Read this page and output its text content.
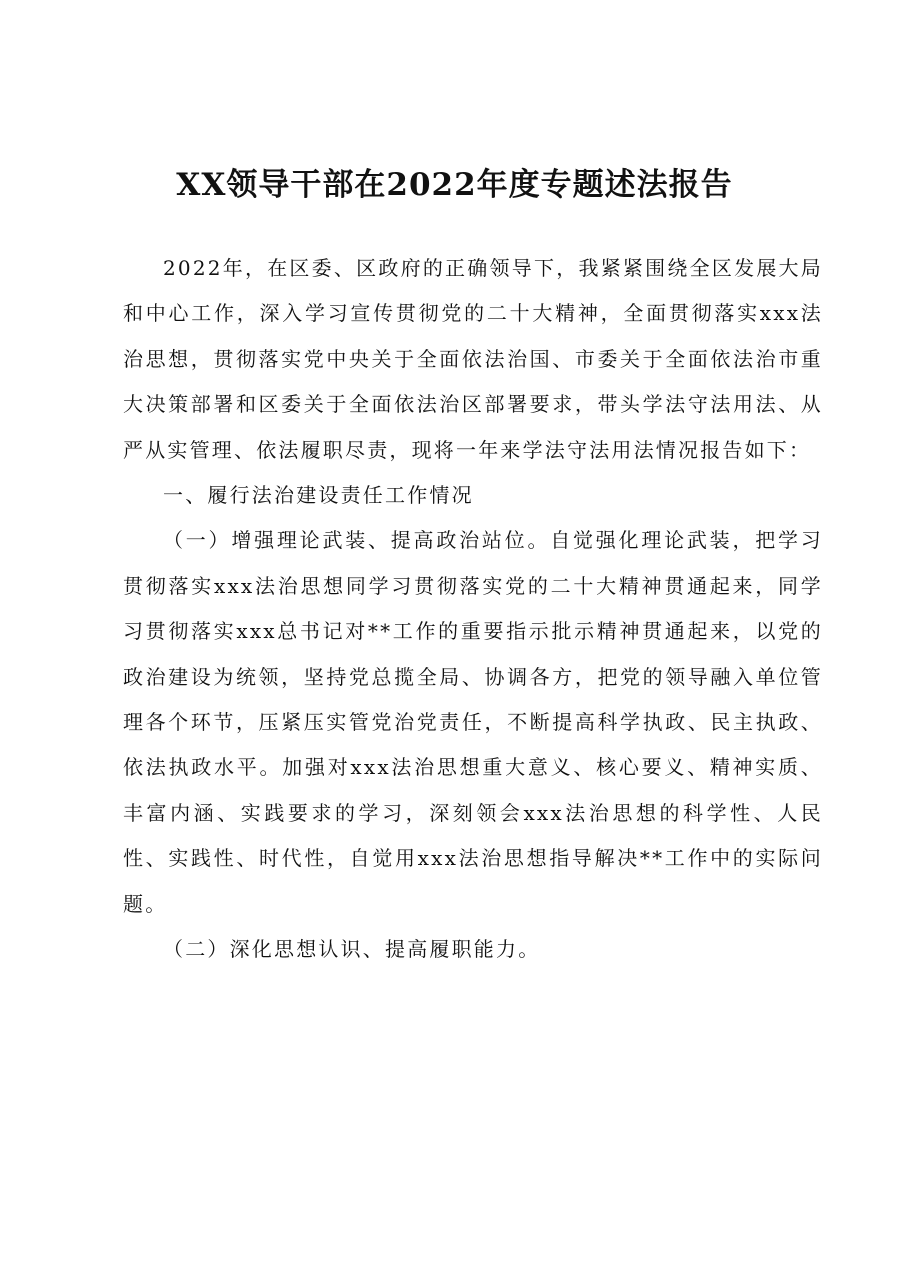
XX领导干部在2022年度专题述法报告

2022年，在区委、区政府的正确领导下，我紧紧围绕全区发展大局和中心工作，深入学习宣传贯彻党的二十大精神，全面贯彻落实xxx法治思想，贯彻落实党中央关于全面依法治国、市委关于全面依法治市重大决策部署和区委关于全面依法治区部署要求，带头学法守法用法、从严从实管理、依法履职尽责，现将一年来学法守法用法情况报告如下：

一、履行法治建设责任工作情况

（一）增强理论武装、提高政治站位。自觉强化理论武装，把学习贯彻落实xxx法治思想同学习贯彻落实党的二十大精神贯通起来，同学习贯彻落实xxx总书记对**工作的重要指示批示精神贯通起来，以党的政治建设为统领，坚持党总揽全局、协调各方，把党的领导融入单位管理各个环节，压紧压实管党治党责任，不断提高科学执政、民主执政、依法执政水平。加强对xxx法治思想重大意义、核心要义、精神实质、丰富内涵、实践要求的学习，深刻领会xxx法治思想的科学性、人民性、实践性、时代性，自觉用xxx法治思想指导解决**工作中的实际问题。

（二）深化思想认识、提高履职能力。
